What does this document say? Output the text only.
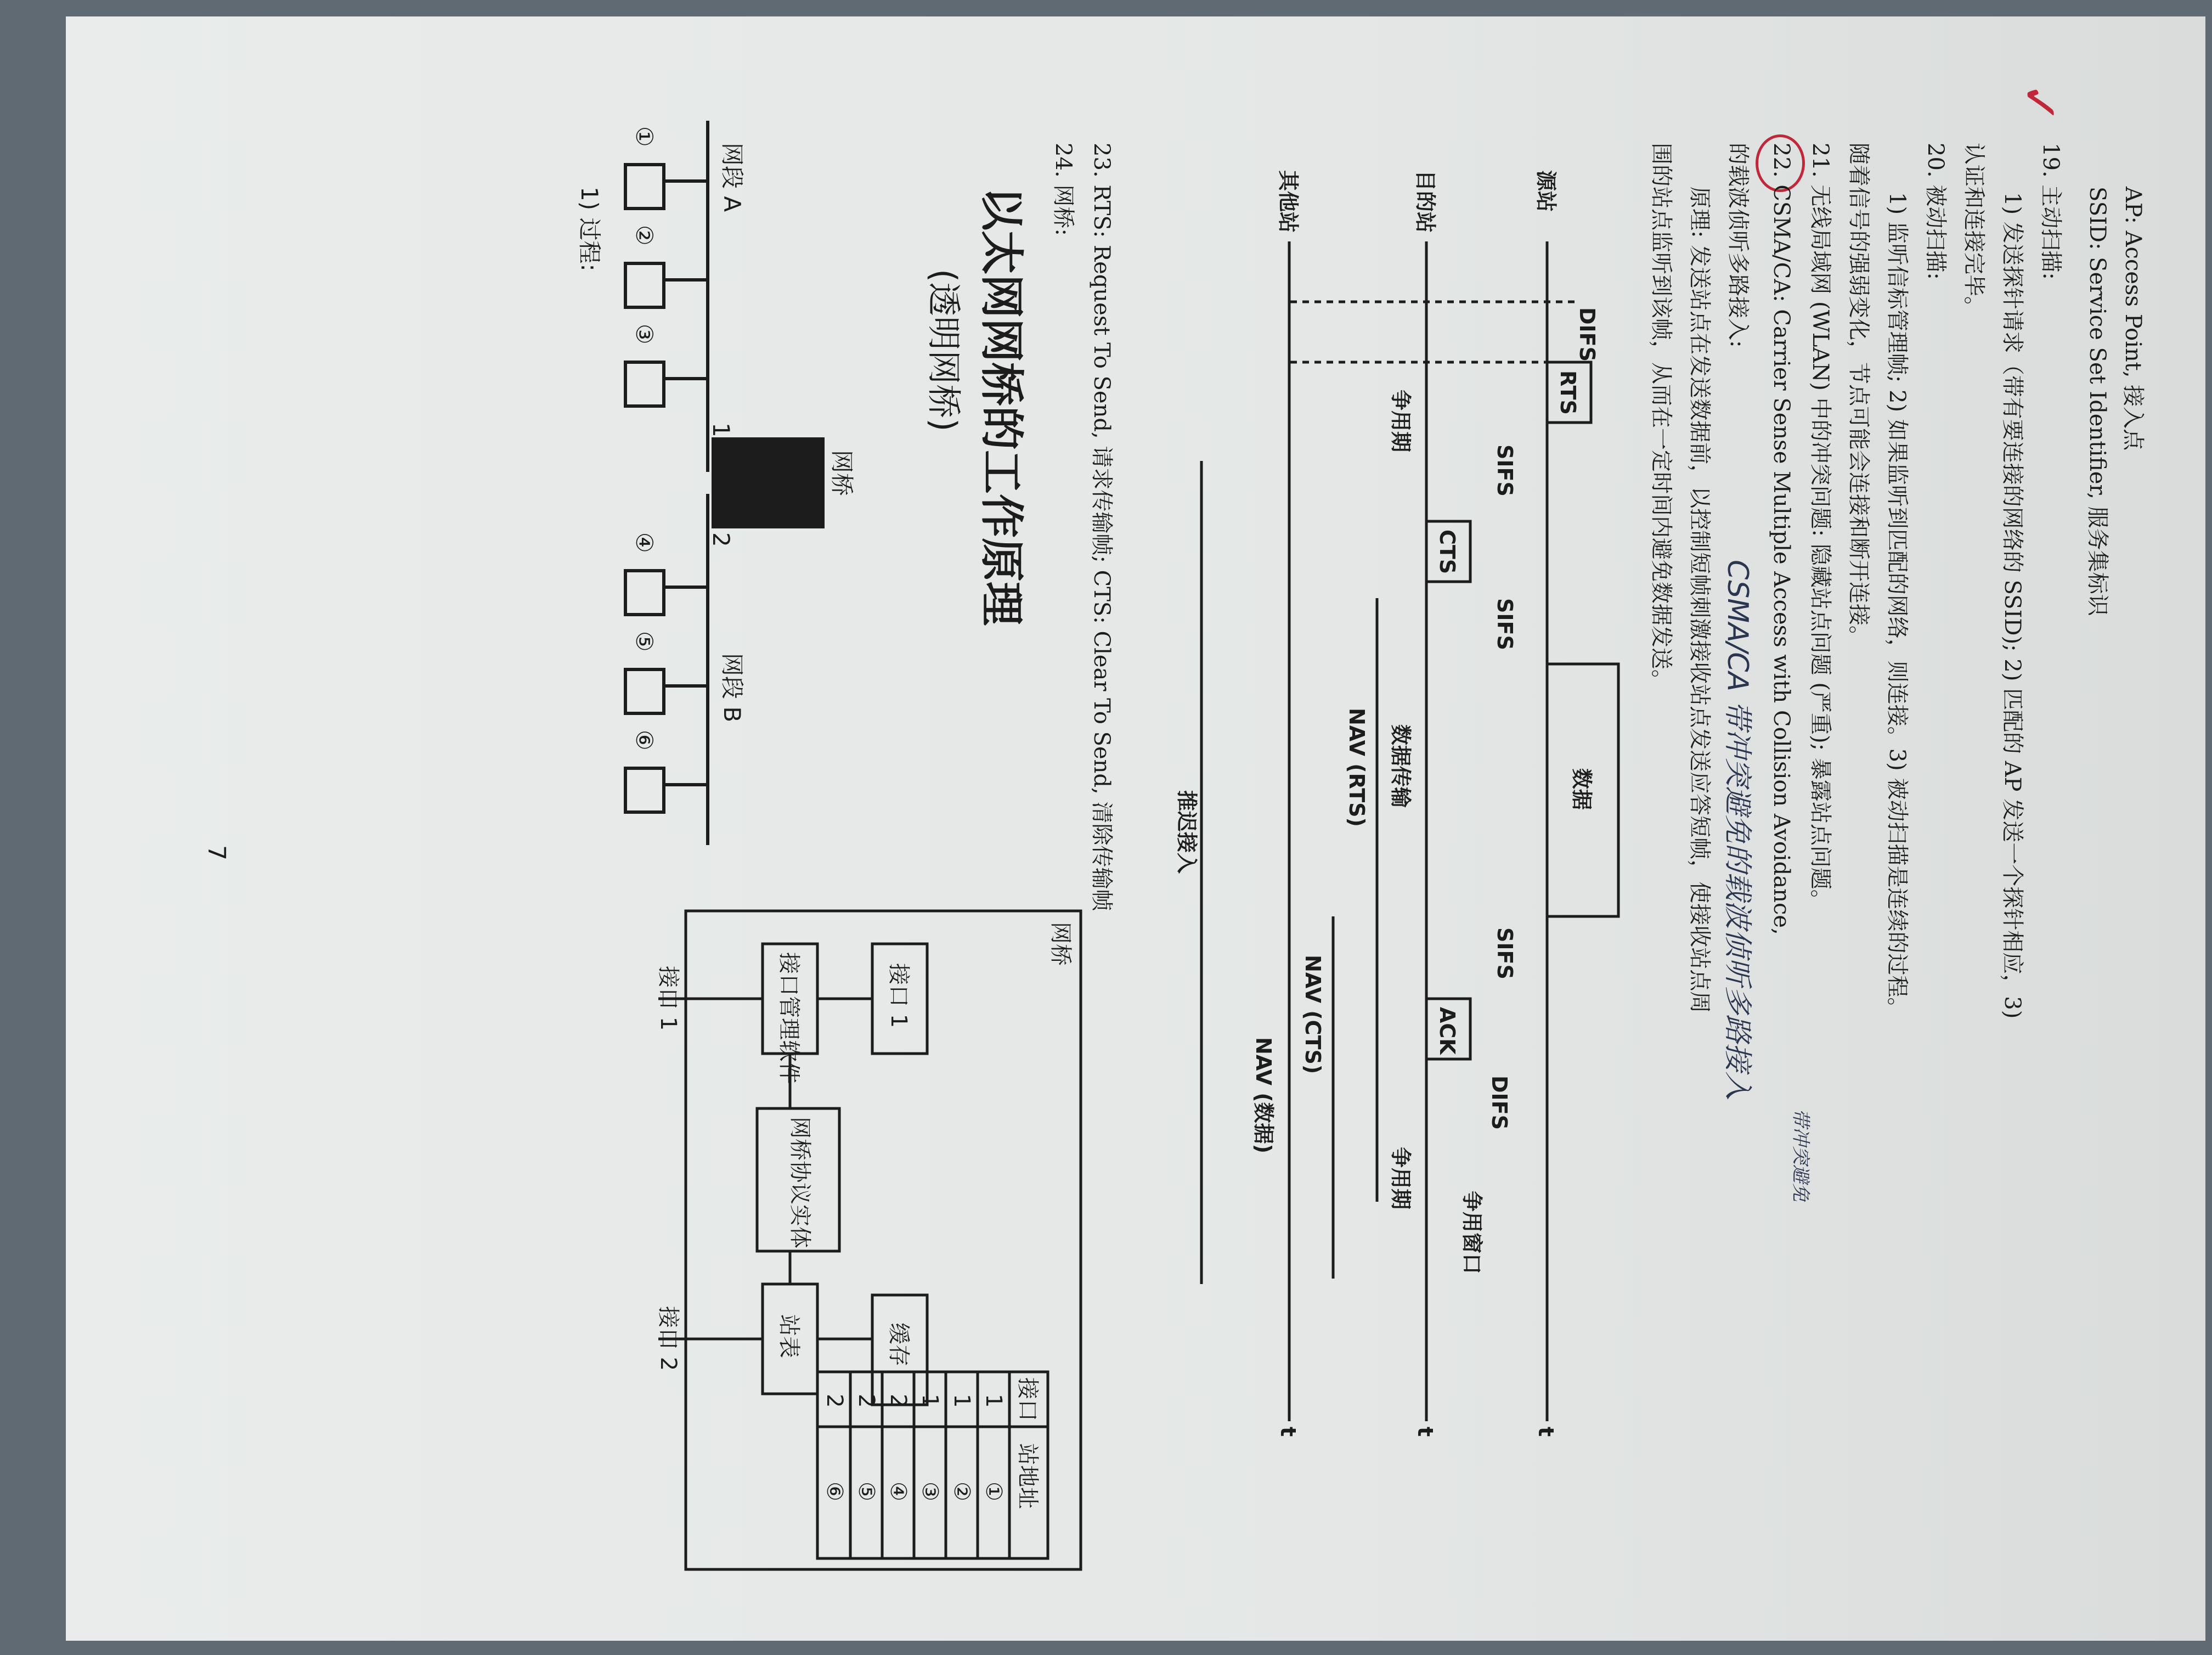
AP: Access Point, 接入点
SSID: Service Set Identifier, 服务集标识
✓
19. 主动扫描:
1) 发送探针请求（带有要连接的网络的 SSID); 2) 匹配的 AP 发送一个探针相应，3)
认证和连接完毕。
20. 被动扫描:
1) 监听信标管理帧; 2) 如果监听到匹配的网络，则连接。3) 被动扫描是连续的过程。
随着信号的强弱变化，节点可能会连接和断开连接。
21. 无线局域网 (WLAN) 中的冲突问题: 隐藏站点问题 (严重); 暴露站点问题。
22. CSMA/CA: Carrier Sense Multiple Access with Collision Avoidance,
带冲突避免
CSMA/CA 带冲突避免的载波侦听多路接入
的载波侦听多路接入:
原理: 发送站点在发送数据前，以控制短帧刺激接收站点发送应答短帧，使接收站点周
围的站点监听到该帧，从而在一定时间内避免数据发送。
源站
目的站
其他站
DIFS
RTS
SIFS
CTS
SIFS
数据
SIFS
ACK
DIFS
争用窗口
争用期
数据传输
争用期
NAV (RTS)
NAV (CTS)
NAV (数据)
推迟接入
t
t
t
23. RTS: Request To Send, 请求传输帧; CTS: Clear To Send, 清除传输帧
24. 网桥:
以太网网桥的工作原理
(透明网桥)
网段 A
网段 B
网桥
1
2
①
②
③
④
⑤
⑥
1) 过程:
网桥
接口 1
接口管理软件
网桥协议实体
站表	缓存
站地址
接口
①
1
②
1
③
1
④
2
⑤
2
⑥
2
接口 1
接口 2
7
